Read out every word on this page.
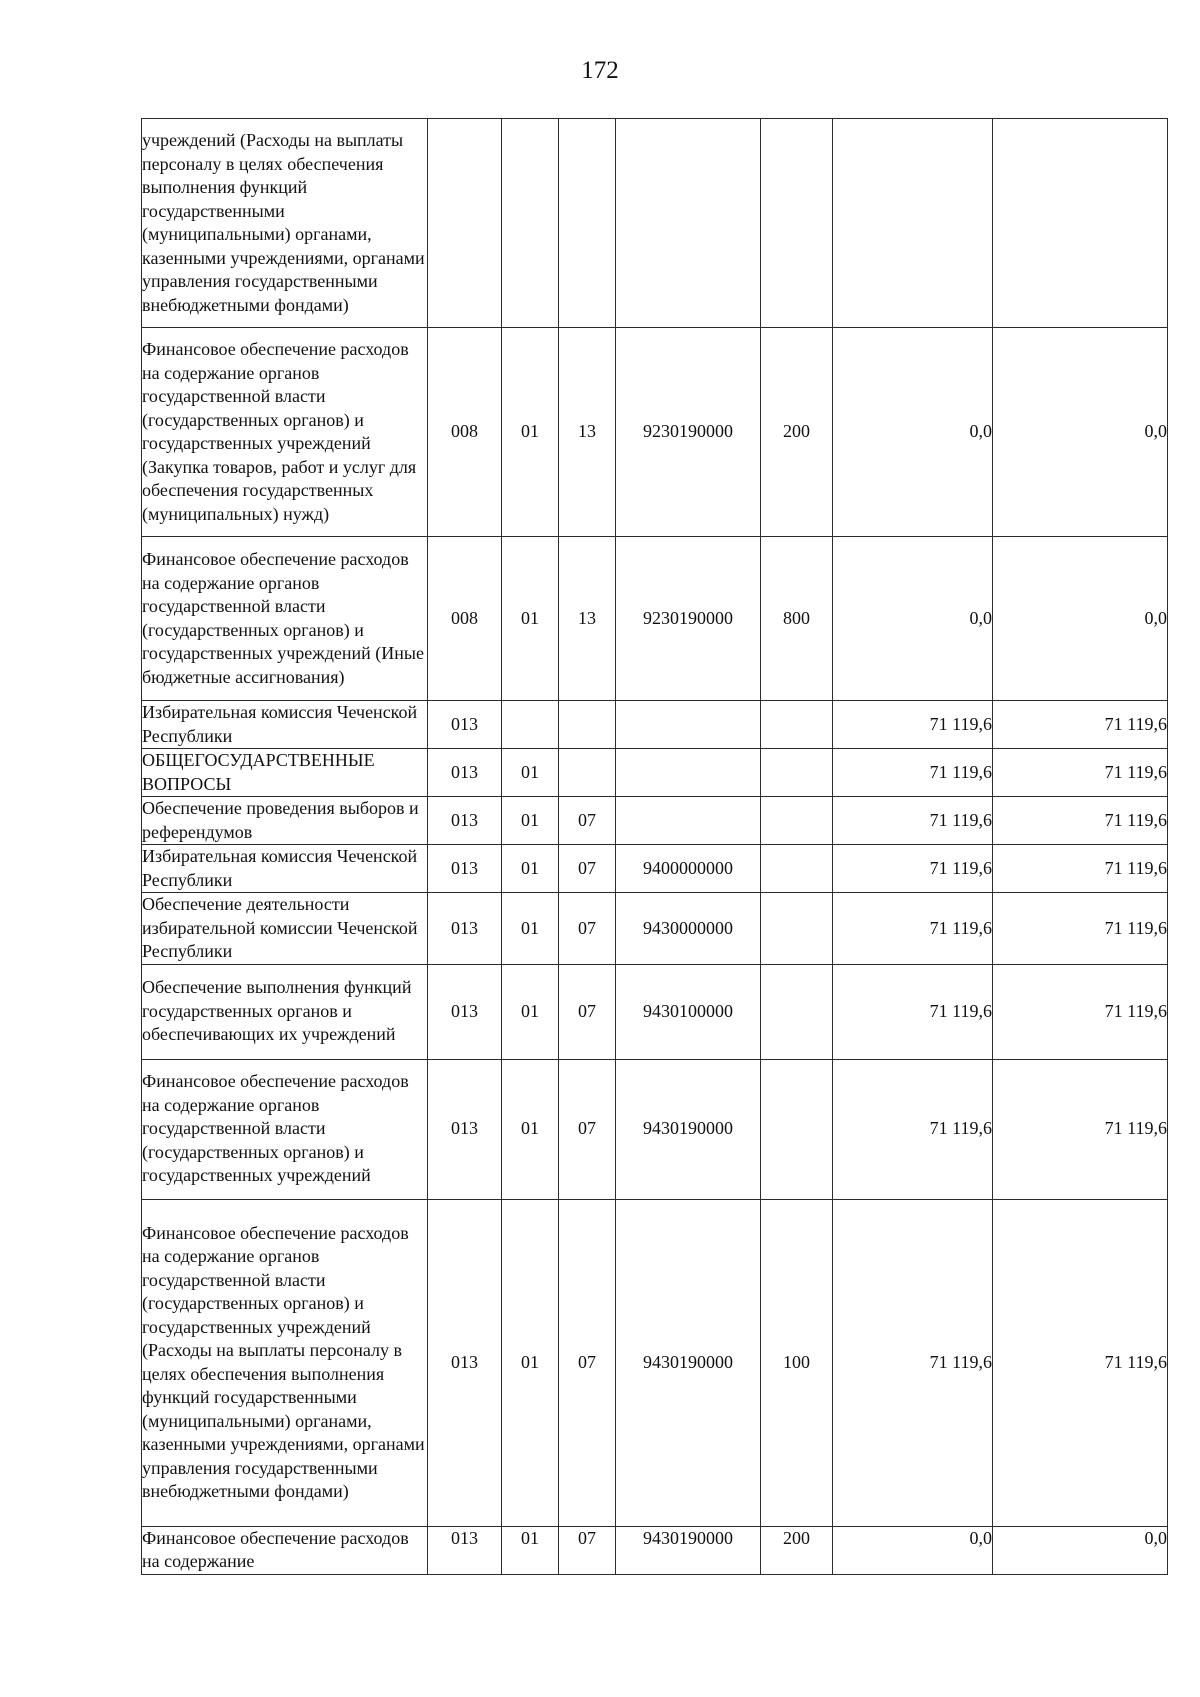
172
учреждений (Расходы на выплаты персоналу в целях обеспечения выполнения функций государственными (муниципальными) органами, казенными учреждениями, органами управления государственными внебюджетными фондами)							
Финансовое обеспечение расходов на содержание органов государственной власти (государственных органов) и государственных учреждений (Закупка товаров, работ и услуг для обеспечения государственных (муниципальных) нужд)	008	01	13	9230190000	200	0,0	0,0
Финансовое обеспечение расходов на содержание органов государственной власти (государственных органов) и государственных учреждений (Иные бюджетные ассигнования)	008	01	13	9230190000	800	0,0	0,0
Избирательная комиссия Чеченской Республики	013					71 119,6	71 119,6
ОБЩЕГОСУДАРСТВЕННЫЕ ВОПРОСЫ	013	01				71 119,6	71 119,6
Обеспечение проведения выборов и референдумов	013	01	07			71 119,6	71 119,6
Избирательная комиссия Чеченской Республики	013	01	07	9400000000		71 119,6	71 119,6
Обеспечение деятельности избирательной комиссии Чеченской Республики	013	01	07	9430000000		71 119,6	71 119,6
Обеспечение выполнения функций государственных органов и обеспечивающих их учреждений	013	01	07	9430100000		71 119,6	71 119,6
Финансовое обеспечение расходов на содержание органов государственной власти (государственных органов) и государственных учреждений	013	01	07	9430190000		71 119,6	71 119,6
Финансовое обеспечение расходов на содержание органов государственной власти (государственных органов) и государственных учреждений (Расходы на выплаты персоналу в целях обеспечения выполнения функций государственными (муниципальными) органами, казенными учреждениями, органами управления государственными внебюджетными фондами)	013	01	07	9430190000	100	71 119,6	71 119,6
Финансовое обеспечение расходов на содержание	013	01	07	9430190000	200	0,0	0,0
